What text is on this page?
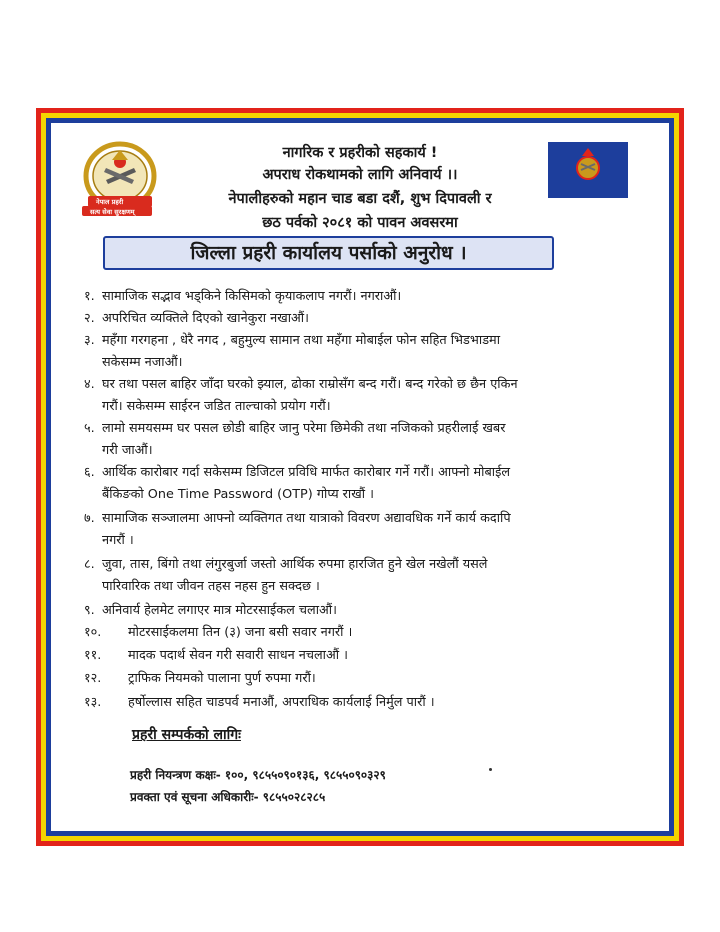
नेपाल प्रहरी
सत्य सेवा सुरक्षणम्
नागरिक र प्रहरीको सहकार्य !
अपराध रोकथामको लागि अनिवार्य ।।
नेपालीहरुको महान चाड बडा दशैं, शुभ दिपावली र
छठ पर्वको २०८१ को पावन अवसरमा
जिल्ला प्रहरी कार्यालय पर्साको अनुरोध ।
१. सामाजिक सद्भाव भड्किने किसिमको कृयाकलाप नगरौं। नगराऔं।
२. अपरिचित व्यक्तिले दिएको खानेकुरा नखाऔं।
३. महँगा गरगहना , धेरै नगद , बहुमुल्य सामान तथा महँगा मोबाईल फोन सहित भिडभाडमा
सकेसम्म नजाऔं।
४. घर तथा पसल बाहिर जाँदा घरको झ्याल, ढोका राम्रोसँग बन्द गरौं। बन्द गरेको छ छैन एकिन
गरौं। सकेसम्म साईरन जडित ताल्चाको प्रयोग गरौं।
५. लामो समयसम्म घर पसल छोडी बाहिर जानु परेमा छिमेकी तथा नजिकको प्रहरीलाई खबर
गरी जाऔं।
६. आर्थिक कारोबार गर्दा सकेसम्म डिजिटल प्रविधि मार्फत कारोबार गर्ने गरौं। आफ्नो मोबाईल
बैंकिङको One Time Password (OTP) गोप्य राखौं ।
७. सामाजिक सञ्जालमा आफ्नो व्यक्तिगत तथा यात्राको विवरण अद्यावधिक गर्ने कार्य कदापि
नगरौं ।
८. जुवा, तास, बिंगो तथा लंगुरबुर्जा जस्तो आर्थिक रुपमा हारजित हुने खेल नखेलौं यसले
पारिवारिक तथा जीवन तहस नहस हुन सक्दछ ।
९. अनिवार्य हेलमेट लगाएर मात्र मोटरसाईकल चलाऔं।
१०. मोटरसाईकलमा तिन (३) जना बसी सवार नगरौं ।
११. मादक पदार्थ सेवन गरी सवारी साधन नचलाऔं ।
१२. ट्राफिक नियमको पालाना पुर्ण रुपमा गरौं।
१३. हर्षोल्लास सहित चाडपर्व मनाऔं, अपराधिक कार्यलाई निर्मुल पारौं ।
प्रहरी सम्पर्कको लागिः
प्रहरी नियन्त्रण कक्षः- १००, ९८५५०९०१३६, ९८५५०९०३२९
प्रवक्ता एवं सूचना अधिकारीः- ९८५५०२८२८५
